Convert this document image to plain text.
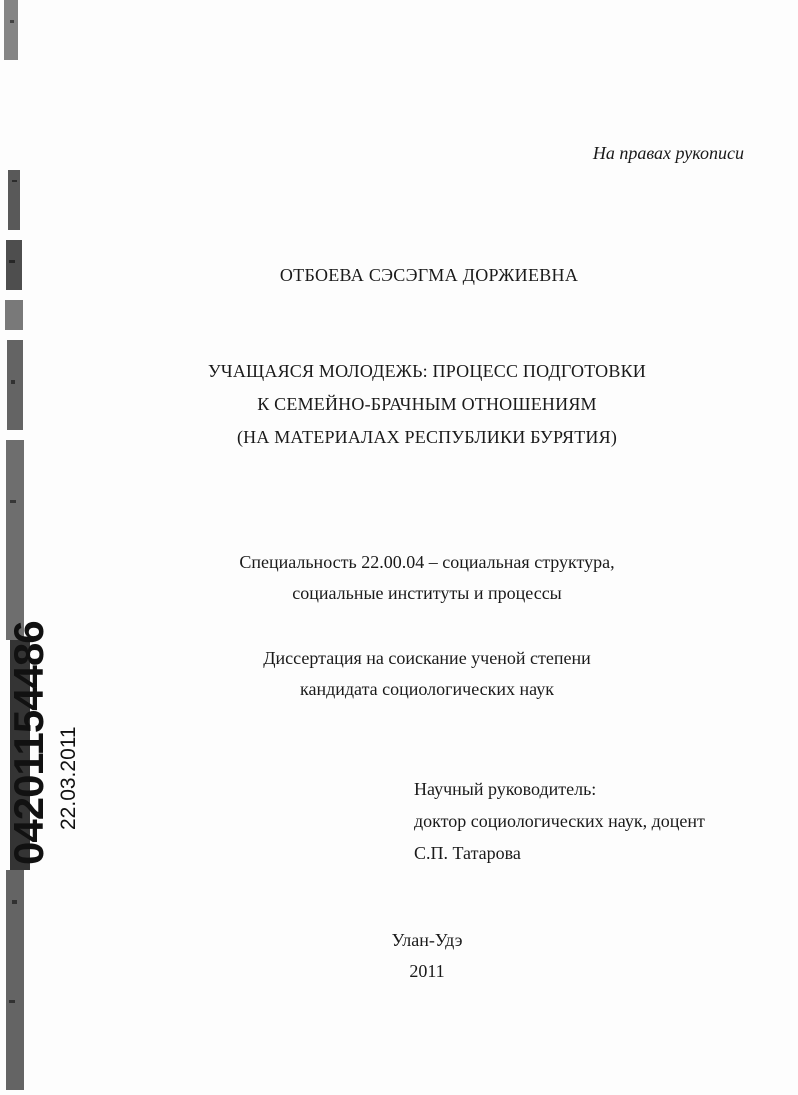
04201154486 22.03.2011
На правах рукописи
ОТБОЕВА СЭСЭГМА ДОРЖИЕВНА
УЧАЩАЯСЯ МОЛОДЕЖЬ: ПРОЦЕСС ПОДГОТОВКИ
К СЕМЕЙНО-БРАЧНЫМ ОТНОШЕНИЯМ
(НА МАТЕРИАЛАХ РЕСПУБЛИКИ БУРЯТИЯ)
Специальность 22.00.04 – социальная структура,
социальные институты и процессы
Диссертация на соискание ученой степени
кандидата социологических наук
Научный руководитель:
доктор социологических наук, доцент
С.П. Татарова
Улан-Удэ
2011
